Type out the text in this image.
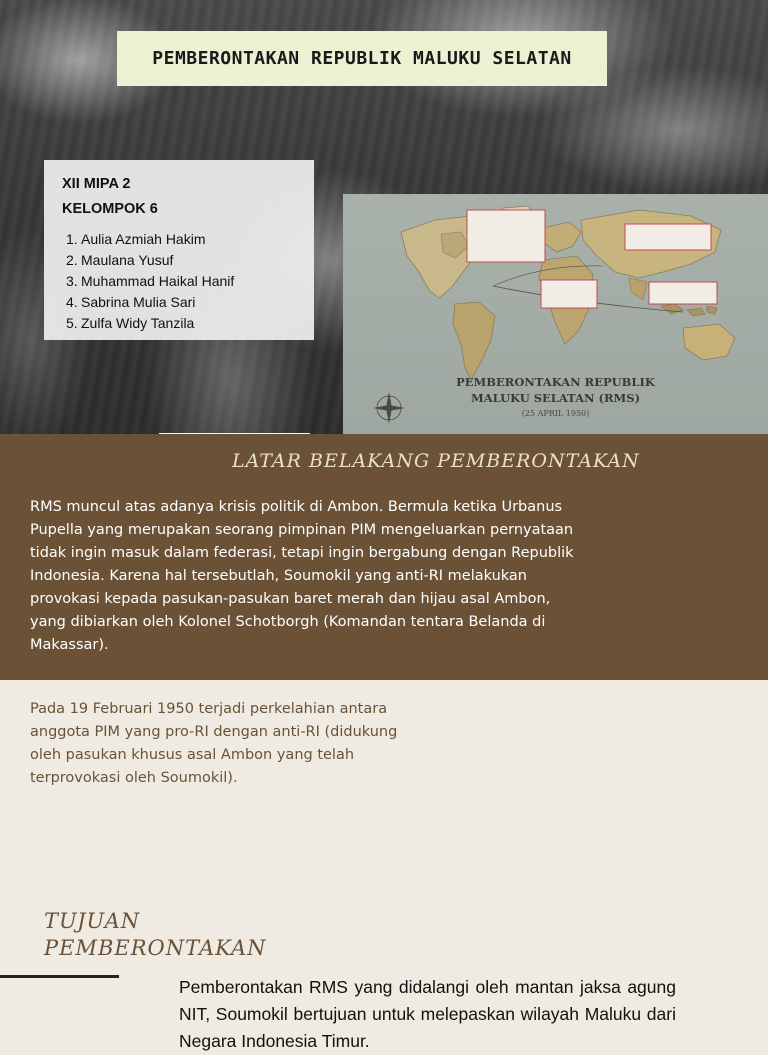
PEMBERONTAKAN REPUBLIK MALUKU SELATAN
XII MIPA 2
KELOMPOK 6
1. Aulia Azmiah Hakim
2. Maulana Yusuf
3. Muhammad Haikal Hanif
4. Sabrina Mulia Sari
5. Zulfa Widy Tanzila
PEMBERONTAKAN REPUBLIK
MALUKU SELATAN (RMS)
(25 APRIL 1950)
LATAR BELAKANG PEMBERONTAKAN
RMS muncul atas adanya krisis politik di Ambon. Bermula ketika Urbanus Pupella yang merupakan seorang pimpinan PIM mengeluarkan pernyataan tidak ingin masuk dalam federasi, tetapi ingin bergabung dengan Republik Indonesia. Karena hal tersebutlah, Soumokil yang anti-RI melakukan provokasi kepada pasukan-pasukan baret merah dan hijau asal Ambon, yang dibiarkan oleh Kolonel Schotborgh (Komandan tentara Belanda di Makassar).
Pada 19 Februari 1950 terjadi perkelahian antara anggota PIM yang pro-RI dengan anti-RI (didukung oleh pasukan khusus asal Ambon yang telah terprovokasi oleh Soumokil).
TUJUAN
PEMBERONTAKAN
Pemberontakan RMS yang didalangi oleh mantan jaksa agung NIT, Soumokil bertujuan untuk melepaskan wilayah Maluku dari Negara Indonesia Timur.
